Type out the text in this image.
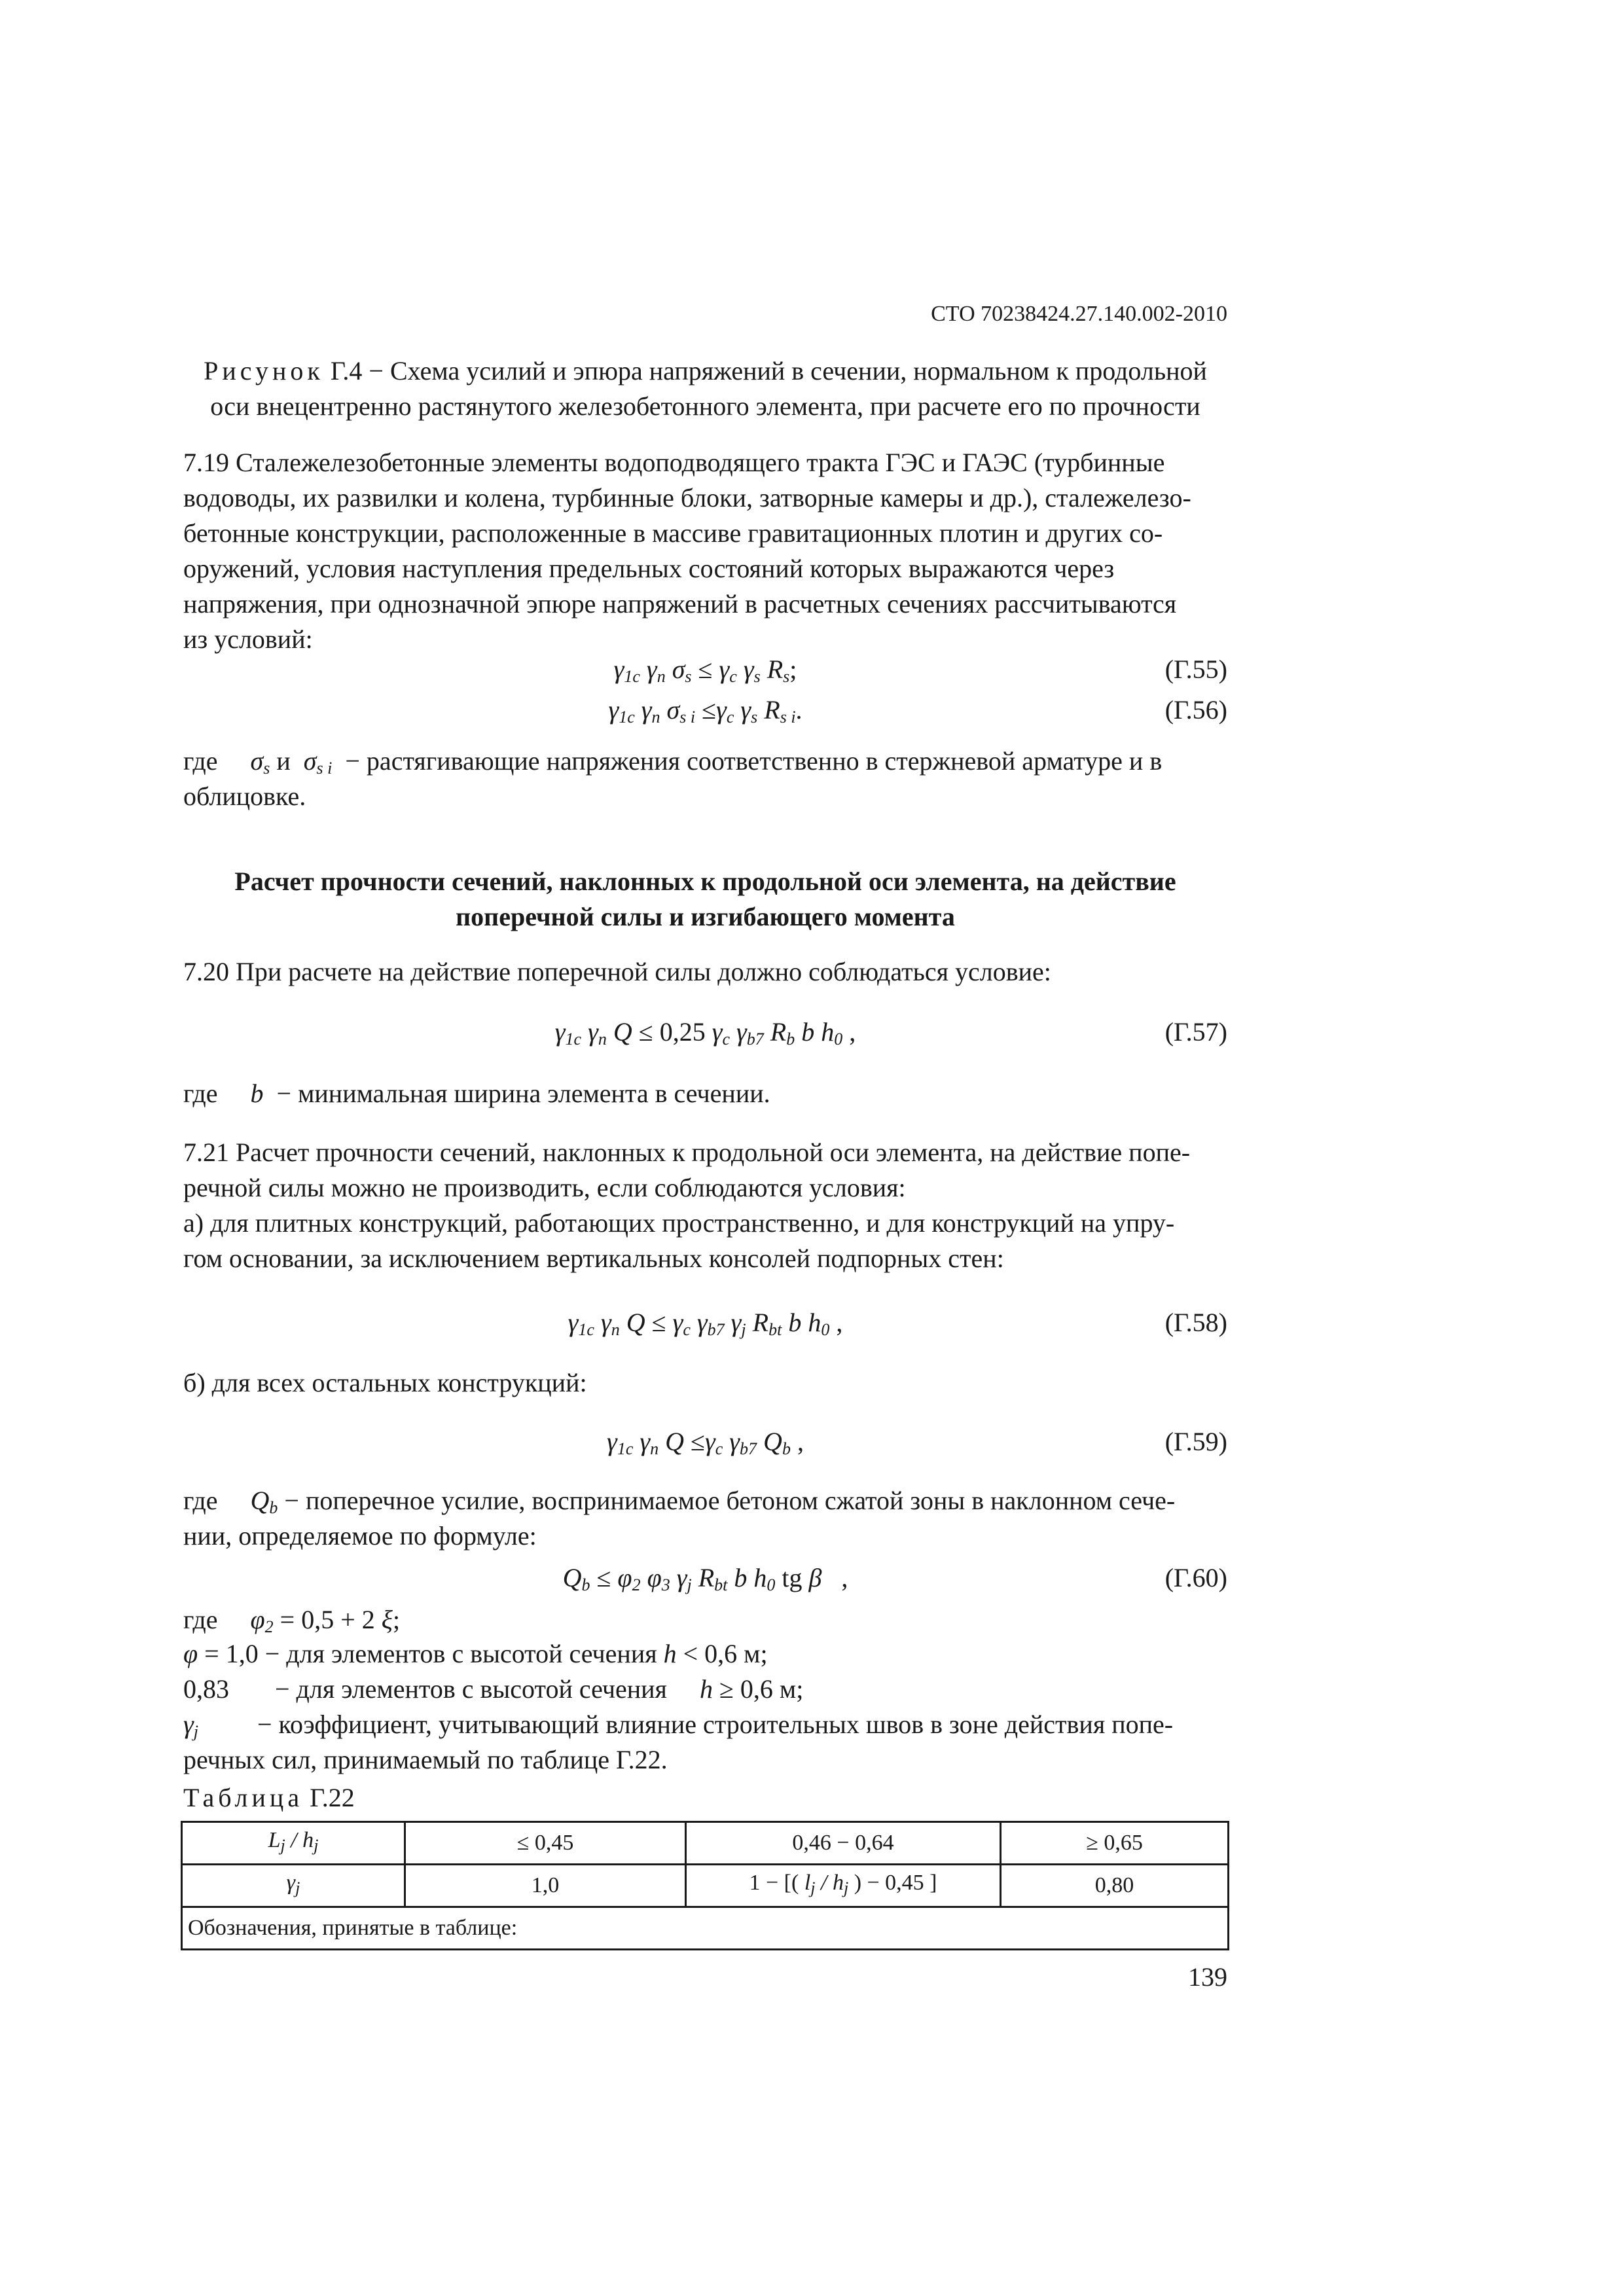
СТО 70238424.27.140.002-2010
Рисунок Г.4 − Схема усилий и эпюра напряжений в сечении, нормальном к продольной
оси внецентренно растянутого железобетонного элемента, при расчете его по прочности
7.19 Сталежелезобетонные элементы водоподводящего тракта ГЭС и ГАЭС (турбинные
водоводы, их развилки и колена, турбинные блоки, затворные камеры и др.), сталежелезо-
бетонные конструкции, расположенные в массиве гравитационных плотин и других со-
оружений, условия наступления предельных состояний которых выражаются через
напряжения, при однозначной эпюре напряжений в расчетных сечениях рассчитываются
из условий:
γ1c γn σs ≤ γc γs Rs;	(Г.55)
γ1c γn σs i ≤γc γs Rs i.	(Г.56)
где σs и σs i − растягивающие напряжения соответственно в стержневой арматуре и в
облицовке.
Расчет прочности сечений, наклонных к продольной оси элемента, на действие
поперечной силы и изгибающего момента
7.20 При расчете на действие поперечной силы должно соблюдаться условие:
γ1c γn Q ≤ 0,25 γc γb7 Rb b h0 ,	(Г.57)
где b − минимальная ширина элемента в сечении.
7.21 Расчет прочности сечений, наклонных к продольной оси элемента, на действие попе-
речной силы можно не производить, если соблюдаются условия:
а) для плитных конструкций, работающих пространственно, и для конструкций на упру-
гом основании, за исключением вертикальных консолей подпорных стен:
γ1c γn Q ≤ γc γb7 γj Rbt b h0 ,	(Г.58)
б) для всех остальных конструкций:
γ1c γn Q ≤γc γb7 Qb ,	(Г.59)
где Qb − поперечное усилие, воспринимаемое бетоном сжатой зоны в наклонном сече-
нии, определяемое по формуле:
Qb ≤ φ2 φ3 γj Rbt b h0 tg β   ,	(Г.60)
где φ2 = 0,5 + 2 ξ;
φ = 1,0 − для элементов с высотой сечения h < 0,6 м;
0,83 − для элементов с высотой сечения h ≥ 0,6 м;
γj − коэффициент, учитывающий влияние строительных швов в зоне действия попе-
речных сил, принимаемый по таблице Г.22.
Таблица Г.22
Lj / hj	≤ 0,45	0,46 − 0,64	≥ 0,65
γj	1,0	1 − [( lj / hj ) − 0,45 ]	0,80
Обозначения, принятые в таблице:			
139
